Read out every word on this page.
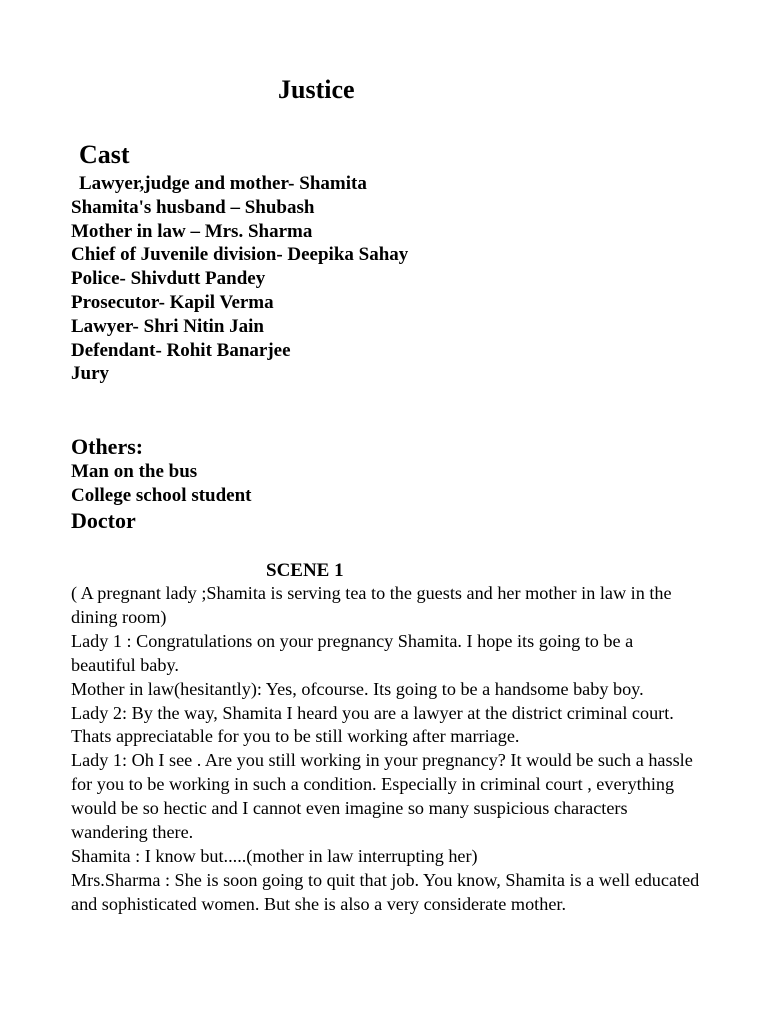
Justice
Cast
Lawyer,judge and mother- Shamita
Shamita's husband – Shubash
Mother in law – Mrs. Sharma
Chief of Juvenile division- Deepika Sahay
Police- Shivdutt Pandey
Prosecutor- Kapil Verma
Lawyer- Shri Nitin Jain
Defendant- Rohit Banarjee
Jury
Others:
Man on the bus
College school student
Doctor
SCENE 1

( A pregnant lady ;Shamita is serving tea to the guests and her mother in law in the dining room)

Lady 1 : Congratulations on your pregnancy Shamita. I hope its going to be a beautiful baby.

Mother in law(hesitantly): Yes, ofcourse. Its going to be a handsome baby boy.

Lady 2: By the way, Shamita I heard you are a lawyer at the district criminal court. Thats appreciatable for you to be still working after marriage.

Lady 1: Oh I see . Are you still working in your pregnancy? It would be such a hassle for you to be working in such a condition. Especially in criminal court , everything would be so hectic and I cannot even imagine so many suspicious characters wandering there.

Shamita : I know but.....(mother in law interrupting her)

Mrs.Sharma : She is soon going to quit that job. You know, Shamita is a well educated and sophisticated women. But she is also a very considerate mother.
